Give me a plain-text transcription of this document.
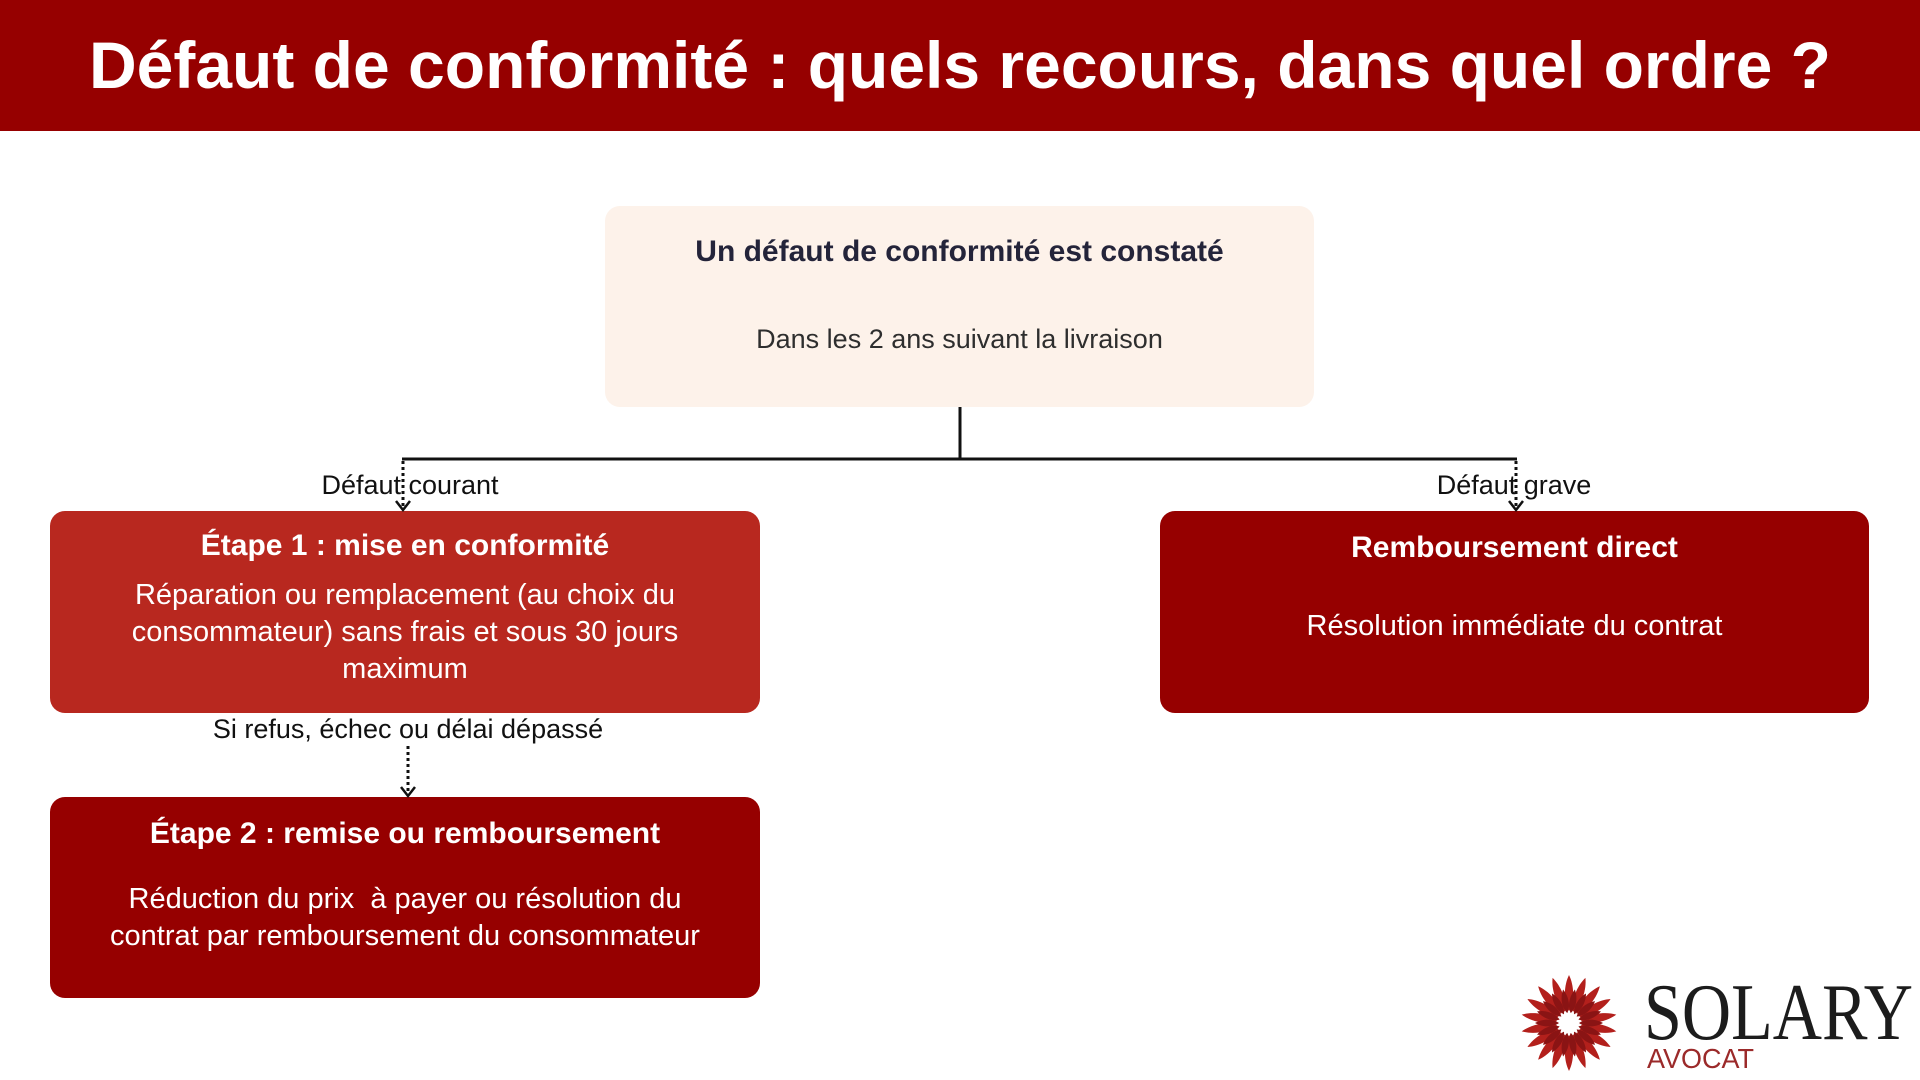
Défaut de conformité : quels recours, dans quel ordre ?
Un défaut de conformité est constaté
Dans les 2 ans suivant la livraison
Défaut courant	Défaut grave
Étape 1 : mise en conformité
Réparation ou remplacement (au choix du consommateur) sans frais et sous 30 jours maximum
Si refus, échec ou délai dépassé
Étape 2 : remise ou remboursement
Réduction du prix  à payer ou résolution du contrat par remboursement du consommateur
Remboursement direct
Résolution immédiate du contrat
SOLARY
AVOCAT
